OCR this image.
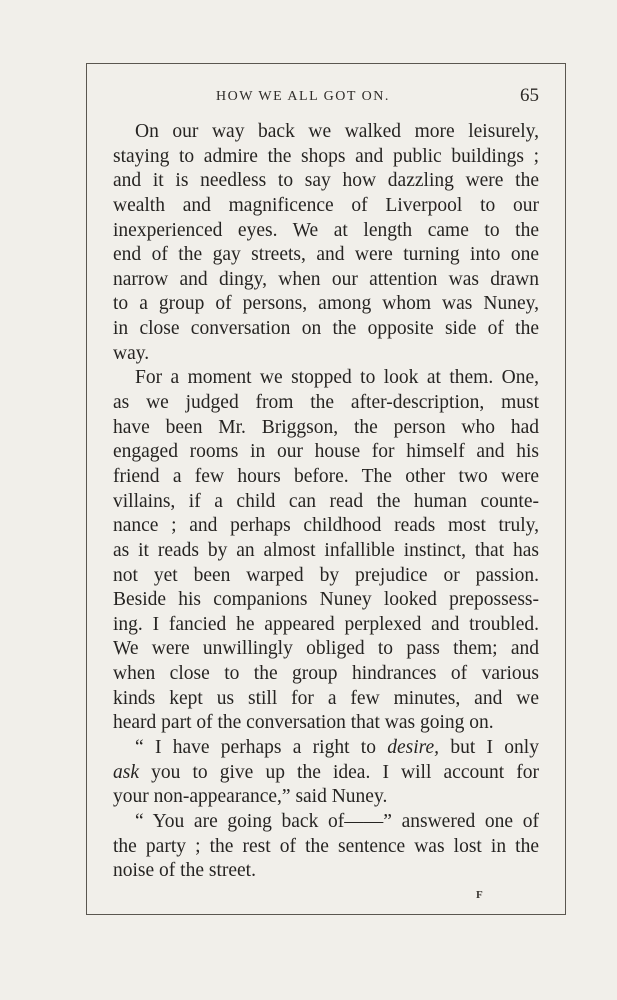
HOW WE ALL GOT ON.	65
On our way back we walked more leisurely,
staying to admire the shops and public buildings ;
and it is needless to say how dazzling were the
wealth and magnificence of Liverpool to our
inexperienced eyes. We at length came to the
end of the gay streets, and were turning into one
narrow and dingy, when our attention was drawn
to a group of persons, among whom was Nuney,
in close conversation on the opposite side of the
way.
For a moment we stopped to look at them. One,
as we judged from the after-description, must
have been Mr. Briggson, the person who had
engaged rooms in our house for himself and his
friend a few hours before. The other two were
villains, if a child can read the human counte-
nance ; and perhaps childhood reads most truly,
as it reads by an almost infallible instinct, that has
not yet been warped by prejudice or passion.
Beside his companions Nuney looked prepossess-
ing. I fancied he appeared perplexed and troubled.
We were unwillingly obliged to pass them; and
when close to the group hindrances of various
kinds kept us still for a few minutes, and we
heard part of the conversation that was going on.
“ I have perhaps a right to desire, but I only
ask you to give up the idea. I will account for
your non-appearance,” said Nuney.
“ You are going back of——” answered one of
the party ; the rest of the sentence was lost in the
noise of the street.
F
